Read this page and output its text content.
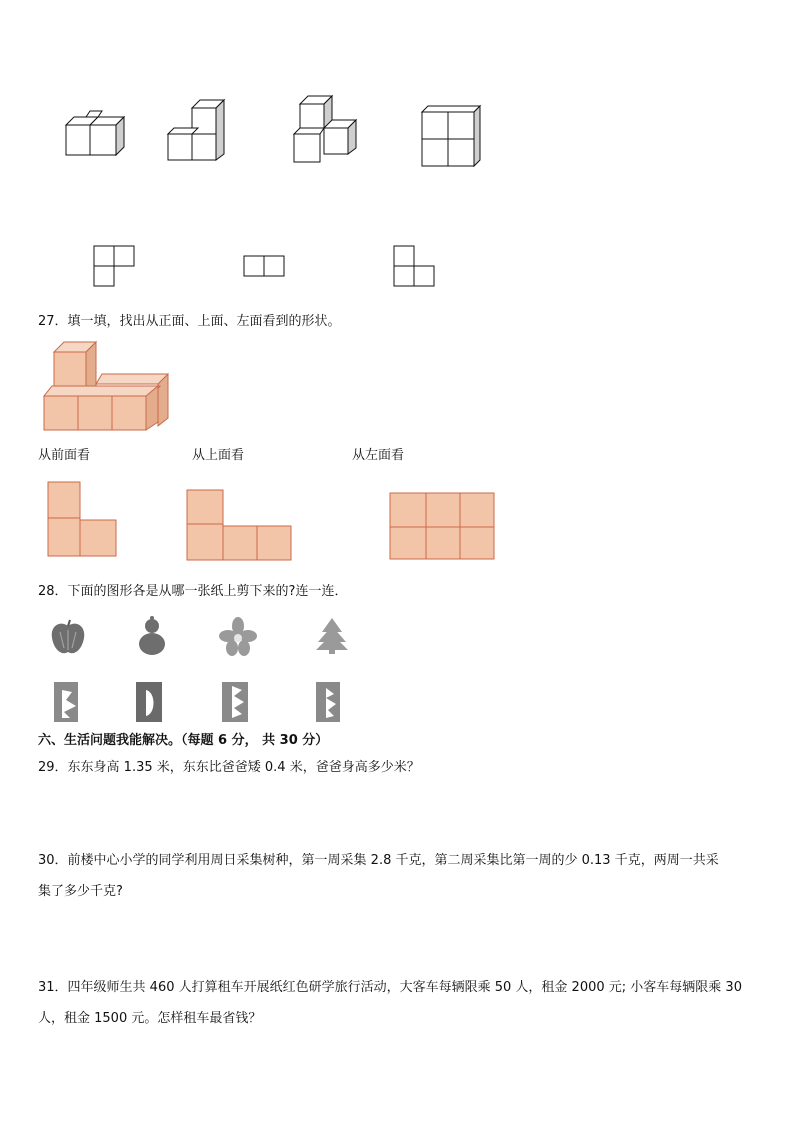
27．填一填，找出从正面、上面、左面看到的形状。
从前面看	从上面看	从左面看
28．下面的图形各是从哪一张纸上剪下来的?连一连．
六、生活问题我能解决。（每题 6 分， 共 30 分）
29．东东身高 1.35 米，东东比爸爸矮 0.4 米，爸爸身高多少米？
30．前楼中心小学的同学利用周日采集树种，第一周采集 2.8 千克，第二周采集比第一周的少 0.13 千克，两周一共采
集了多少千克?
31．四年级师生共 460 人打算租车开展纸红色研学旅行活动，大客车每辆限乘 50 人，租金 2000 元; 小客车每辆限乘 30
人，租金 1500 元。怎样租车最省钱？
